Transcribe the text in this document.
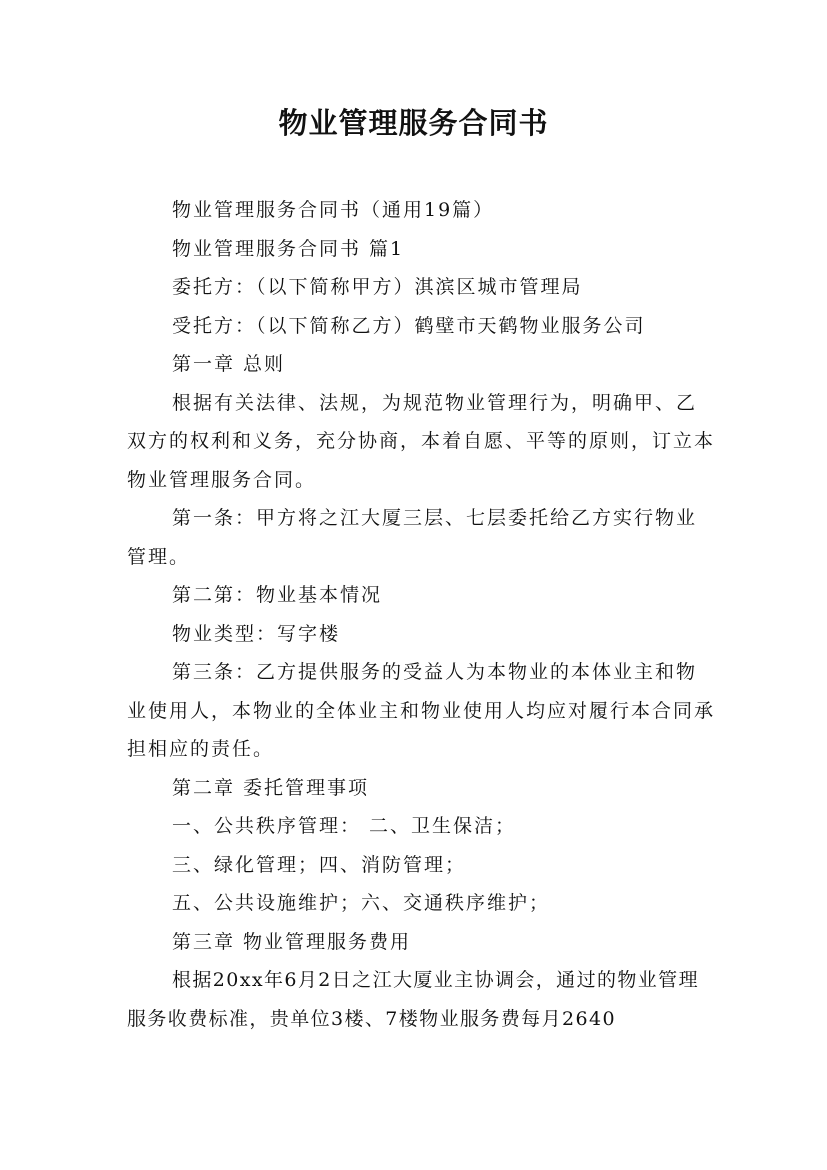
物业管理服务合同书

物业管理服务合同书（通用19篇）

物业管理服务合同书 篇1

委托方：（以下简称甲方）淇滨区城市管理局

受托方：（以下简称乙方）鹤壁市天鹤物业服务公司

第一章 总则

根据有关法律、法规，为规范物业管理行为，明确甲、乙双方的权利和义务，充分协商，本着自愿、平等的原则，订立本物业管理服务合同。

第一条：甲方将之江大厦三层、七层委托给乙方实行物业管理。

第二第：物业基本情况

物业类型：写字楼

第三条：乙方提供服务的受益人为本物业的本体业主和物业使用人，本物业的全体业主和物业使用人均应对履行本合同承担相应的责任。

第二章 委托管理事项

一、公共秩序管理： 二、卫生保洁；

三、绿化管理；四、消防管理；

五、公共设施维护；六、交通秩序维护；

第三章 物业管理服务费用

根据20xx年6月2日之江大厦业主协调会，通过的物业管理服务收费标准，贵单位3楼、7楼物业服务费每月2640
